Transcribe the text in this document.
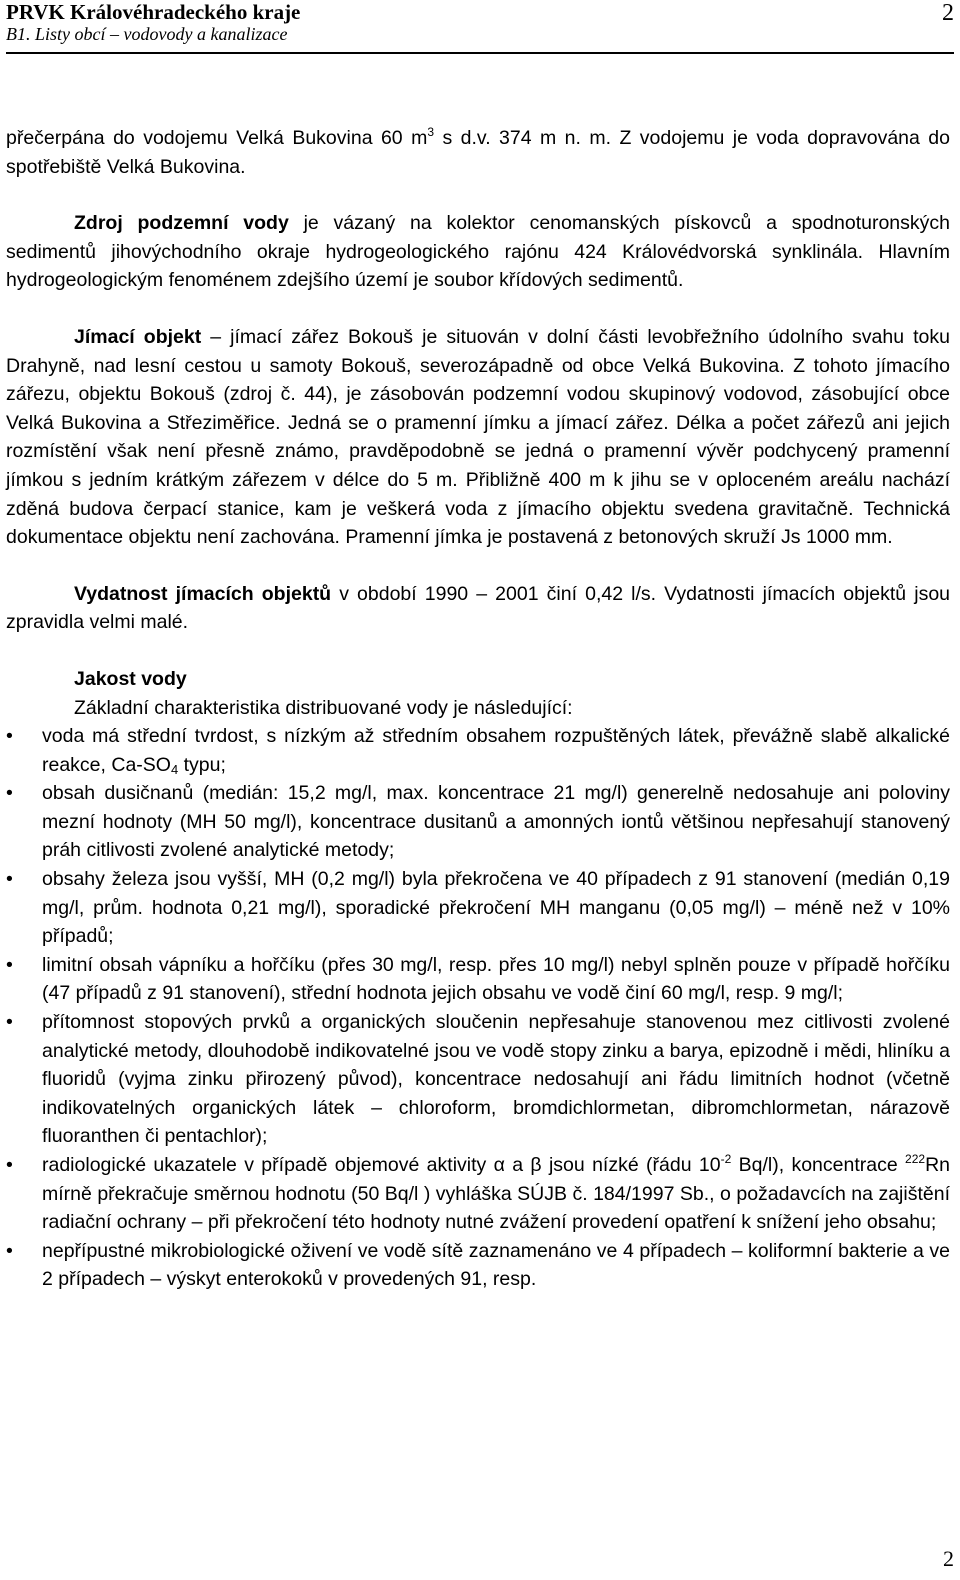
PRVK Královéhradeckého kraje
B1. Listy obcí – vodovody a kanalizace
2

přečerpána do vodojemu Velká Bukovina 60 $m^3$ s d.v. 374 m n. m. Z vodojemu je voda dopravována do spotřebiště Velká Bukovina.

Zdroj podzemní vody je vázaný na kolektor cenomanských pískovců a spodnoturonských sedimentů jihovýchodního okraje hydrogeologického rajónu 424 Královédvorská synklinála. Hlavním hydrogeologickým fenoménem zdejšího území je soubor křídových sedimentů.

Jímací objekt – jímací zářez Bokouš je situován v dolní části levobřežního údolního svahu toku Drahyně, nad lesní cestou u samoty Bokouš, severozápadně od obce Velká Bukovina. Z tohoto jímacího zářezu, objektu Bokouš (zdroj č. 44), je zásobován podzemní vodou skupinový vodovod, zásobující obce Velká Bukovina a Střeziměřice. Jedná se o pramenní jímku a jímací zářez. Délka a počet zářezů ani jejich rozmístění však není přesně známo, pravděpodobně se jedná o pramenní vývěr podchycený pramenní jímkou s jedním krátkým zářezem v délce do 5 m. Přibližně 400 m k jihu se v oploceném areálu nachází zděná budova čerpací stanice, kam je veškerá voda z jímacího objektu svedena gravitačně. Technická dokumentace objektu není zachována. Pramenní jímka je postavená z betonových skruží Js 1000 mm.

Vydatnost jímacích objektů v období 1990 – 2001 činí 0,42 l/s. Vydatnosti jímacích objektů jsou zpravidla velmi malé.

Jakost vody

Základní charakteristika distribuované vody je následující:

•	voda má střední tvrdost, s nízkým až středním obsahem rozpuštěných látek, převážně slabě alkalické reakce, $Ca-SO_4$ typu;
•	obsah dusičnanů (medián: 15,2 mg/l, max. koncentrace 21 mg/l) generelně nedosahuje ani poloviny mezní hodnoty (MH 50 mg/l), koncentrace dusitanů a amonných iontů většinou nepřesahují stanovený práh citlivosti zvolené analytické metody;
•	obsahy železa jsou vyšší, MH (0,2 mg/l) byla překročena ve 40 případech z 91 stanovení (medián 0,19 mg/l, prům. hodnota 0,21 mg/l), sporadické překročení MH manganu (0,05 mg/l) – méně než v 10% případů;
•	limitní obsah vápníku a hořčíku (přes 30 mg/l, resp. přes 10 mg/l) nebyl splněn pouze v případě hořčíku (47 případů z 91 stanovení), střední hodnota jejich obsahu ve vodě činí 60 mg/l, resp. 9 mg/l;
•	přítomnost stopových prvků a organických sloučenin nepřesahuje stanovenou mez citlivosti zvolené analytické metody, dlouhodobě indikovatelné jsou ve vodě stopy zinku a barya, epizodně i mědi, hliníku a fluoridů (vyjma zinku přirozený původ), koncentrace nedosahují ani řádu limitních hodnot (včetně indikovatelných organických látek – chloroform, bromdichlormetan, dibromchlormetan, nárazově fluoranthen či pentachlor);
•	radiologické ukazatele v případě objemové aktivity α a β jsou nízké (řádu $10^{-2}$ Bq/l), koncentrace $^{222}$Rn mírně překračuje směrnou hodnotu (50 Bq/l ) vyhláška SÚJB č. 184/1997 Sb., o požadavcích na zajištění radiační ochrany – při překročení této hodnoty nutné zvážení provedení opatření k snížení jeho obsahu;
•	nepřípustné mikrobiologické oživení ve vodě sítě zaznamenáno ve 4 případech – koliformní bakterie a ve 2 případech – výskyt enterokoků v provedených 91, resp.
2
